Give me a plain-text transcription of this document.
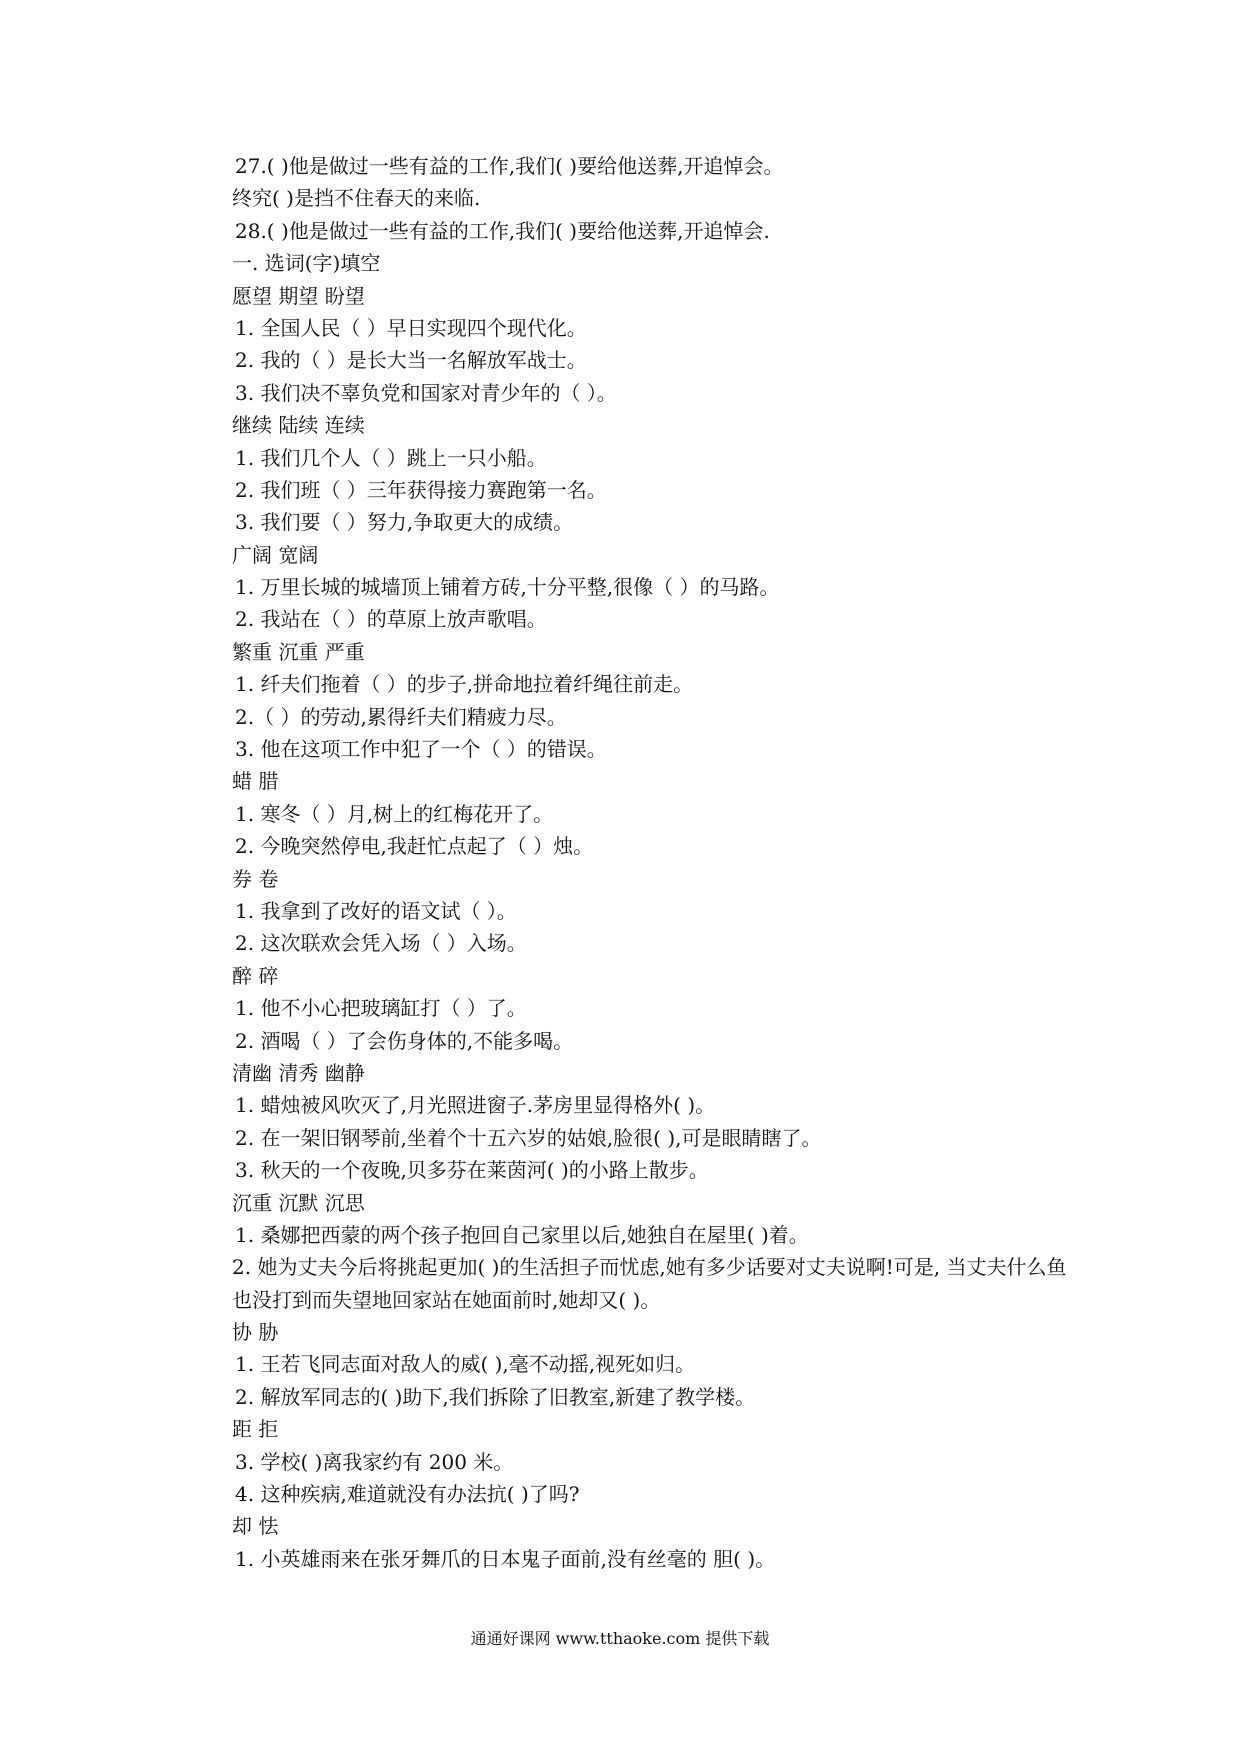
27.( )他是做过一些有益的工作,我们( )要给他送葬,开追悼会。
终究( )是挡不住春天的来临.
28.( )他是做过一些有益的工作,我们( )要给他送葬,开追悼会.
一. 选词(字)填空
愿望 期望 盼望
1. 全国人民（ ）早日实现四个现代化。
2. 我的（ ）是长大当一名解放军战士。
3. 我们决不辜负党和国家对青少年的（ ）。
继续 陆续 连续
1. 我们几个人（ ）跳上一只小船。
2. 我们班（ ）三年获得接力赛跑第一名。
3. 我们要（ ）努力,争取更大的成绩。
广阔 宽阔
1. 万里长城的城墙顶上铺着方砖,十分平整,很像（ ）的马路。
2. 我站在（ ）的草原上放声歌唱。
繁重 沉重 严重
1. 纤夫们拖着（ ）的步子,拼命地拉着纤绳往前走。
2.（ ）的劳动,累得纤夫们精疲力尽。
3. 他在这项工作中犯了一个（ ）的错误。
蜡 腊
1. 寒冬（ ）月,树上的红梅花开了。
2. 今晚突然停电,我赶忙点起了（ ）烛。
券 卷
1. 我拿到了改好的语文试（ ）。
2. 这次联欢会凭入场（ ）入场。
醉 碎
1. 他不小心把玻璃缸打（ ）了。
2. 酒喝（ ）了会伤身体的,不能多喝。
清幽 清秀 幽静
1. 蜡烛被风吹灭了,月光照进窗子.茅房里显得格外( )。
2. 在一架旧钢琴前,坐着个十五六岁的姑娘,脸很( ),可是眼睛瞎了。
3. 秋天的一个夜晚,贝多芬在莱茵河( )的小路上散步。
沉重 沉默 沉思
1. 桑娜把西蒙的两个孩子抱回自己家里以后,她独自在屋里( )着。
2. 她为丈夫今后将挑起更加( )的生活担子而忧虑,她有多少话要对丈夫说啊!可是, 当丈夫什么鱼也没打到而失望地回家站在她面前时,她却又( )。
协 胁
1. 王若飞同志面对敌人的威( ),毫不动摇,视死如归。
2. 解放军同志的( )助下,我们拆除了旧教室,新建了教学楼。
距 拒
3. 学校( )离我家约有 200 米。
4. 这种疾病,难道就没有办法抗( )了吗?
却 怯
1. 小英雄雨来在张牙舞爪的日本鬼子面前,没有丝毫的 胆( )。
通通好课网 www.tthaoke.com 提供下载
